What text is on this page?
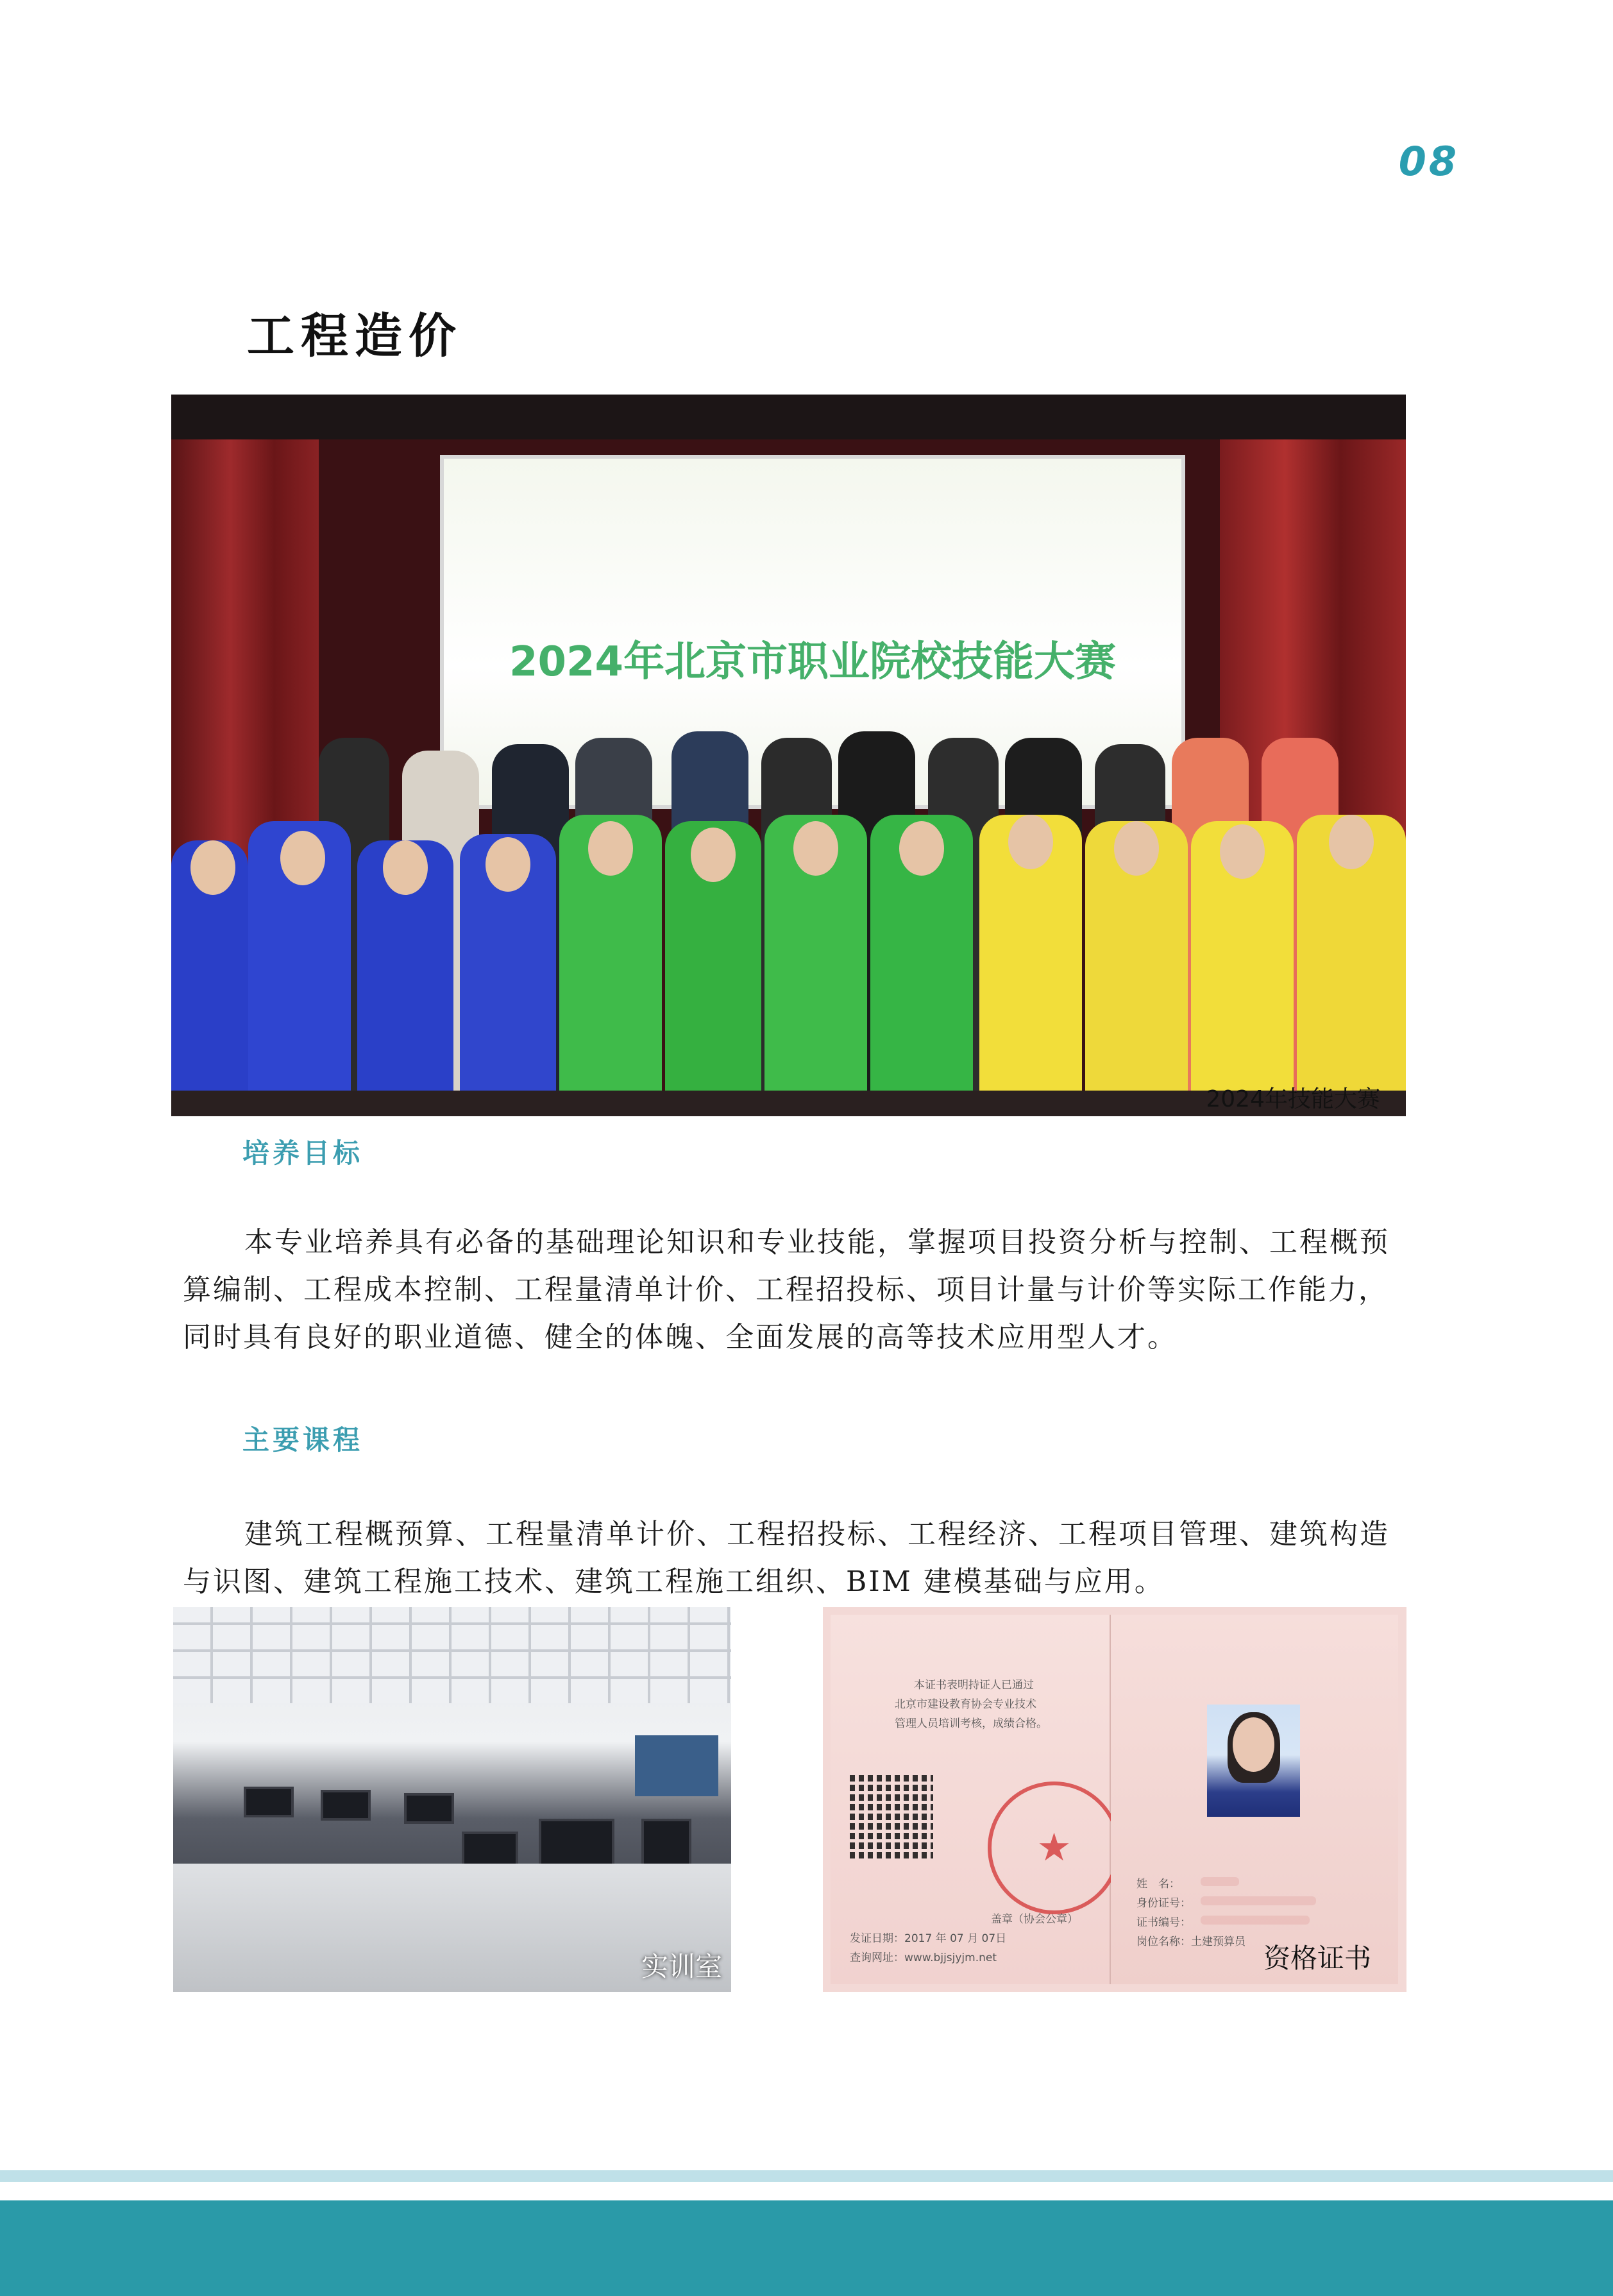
08
工程造价
2024年北京市职业院校技能大赛
2024年技能大赛
培养目标

本专业培养具有必备的基础理论知识和专业技能，掌握项目投资分析与控制、工程概预算编制、工程成本控制、工程量清单计价、工程招投标、项目计量与计价等实际工作能力，同时具有良好的职业道德、健全的体魄、全面发展的高等技术应用型人才。

主要课程

建筑工程概预算、工程量清单计价、工程招投标、工程经济、工程项目管理、建筑构造与识图、建筑工程施工技术、建筑工程施工组织、BIM 建模基础与应用。

实训室
本证书表明持证人已通过
北京市建设教育协会专业技术
管理人员培训考核，成绩合格。
★
盖章（协会公章）
发证日期：2017 年 07 月 07日
查询网址：www.bjjsjyjm.net
姓　名：
身份证号：
证书编号：
岗位名称：土建预算员
资格证书
